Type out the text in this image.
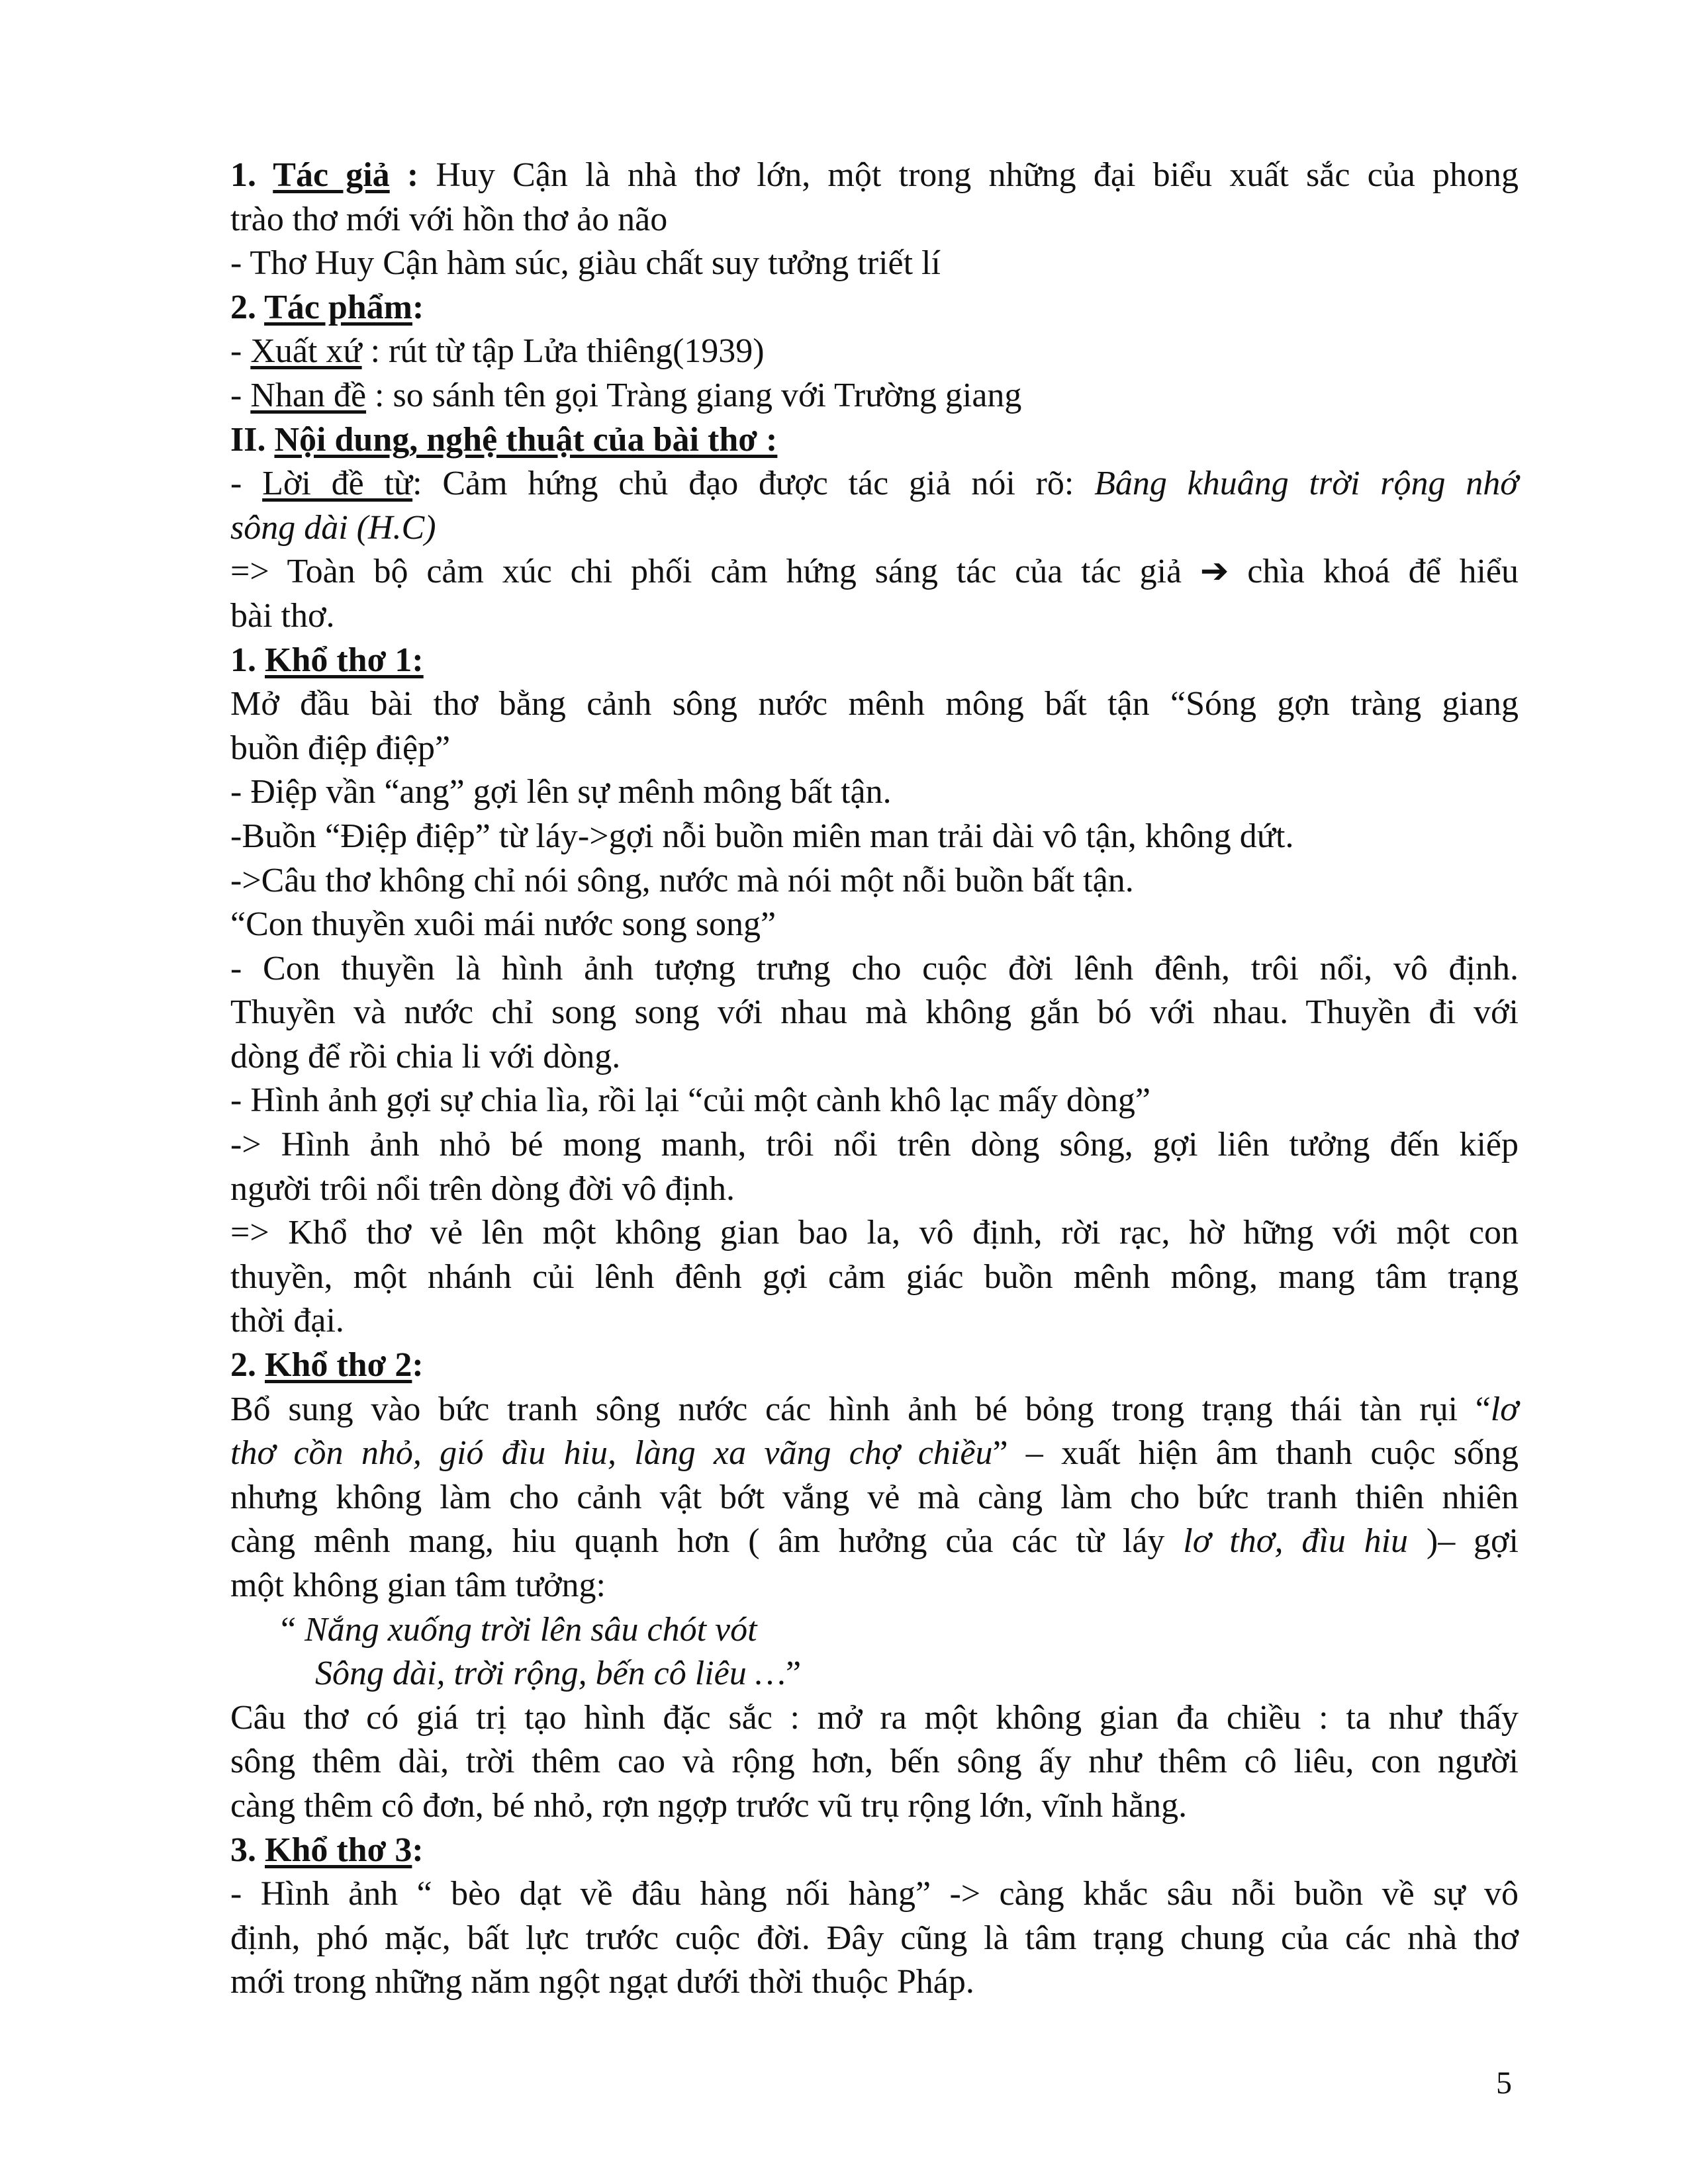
1. Tác giả : Huy Cận là nhà thơ lớn, một trong những đại biểu xuất sắc của phong
trào thơ mới với hồn thơ ảo não
- Thơ Huy Cận hàm súc, giàu chất suy tưởng triết lí
2. Tác phẩm:
- Xuất xứ : rút từ tập Lửa thiêng(1939)
- Nhan đề : so sánh tên gọi Tràng giang với Trường giang
II. Nội dung, nghệ thuật của bài thơ :
- Lời đề từ: Cảm hứng chủ đạo được tác giả nói rõ: Bâng khuâng trời rộng nhớ
sông dài (H.C)
=> Toàn bộ cảm xúc chi phối cảm hứng sáng tác của tác giả ➔ chìa khoá để hiểu
bài thơ.
1. Khổ thơ 1:
Mở đầu bài thơ bằng cảnh sông nước mênh mông bất tận “Sóng gợn tràng giang
buồn điệp điệp”
- Điệp vần “ang” gợi lên sự mênh mông bất tận.
-Buồn “Điệp điệp” từ láy->gợi nỗi buồn miên man trải dài vô tận, không dứt.
->Câu thơ không chỉ nói sông, nước mà nói một nỗi buồn bất tận.
“Con thuyền xuôi mái nước song song”
- Con thuyền là hình ảnh tượng trưng cho cuộc đời lênh đênh, trôi nổi, vô định.
Thuyền và nước chỉ song song với nhau mà không gắn bó với nhau. Thuyền đi với
dòng để rồi chia li với dòng.
- Hình ảnh gợi sự chia lìa, rồi lại “củi một cành khô lạc mấy dòng”
-> Hình ảnh nhỏ bé mong manh, trôi nổi trên dòng sông, gợi liên tưởng đến kiếp
người trôi nổi trên dòng đời vô định.
=> Khổ thơ vẻ lên một không gian bao la, vô định, rời rạc, hờ hững với một con
thuyền, một nhánh củi lênh đênh gợi cảm giác buồn mênh mông, mang tâm trạng
thời đại.
2. Khổ thơ 2:
Bổ sung vào bức tranh sông nước các hình ảnh bé bỏng trong trạng thái tàn rụi “lơ
thơ cồn nhỏ, gió đìu hiu, làng xa vãng chợ chiều” – xuất hiện âm thanh cuộc sống
nhưng không làm cho cảnh vật bớt vắng vẻ mà càng làm cho bức tranh thiên nhiên
càng mênh mang, hiu quạnh hơn ( âm hưởng của các từ láy lơ thơ, đìu hiu )– gợi
một không gian tâm tưởng:
“ Nắng xuống trời lên sâu chót vót
Sông dài, trời rộng, bến cô liêu …”
Câu thơ có giá trị tạo hình đặc sắc : mở ra một không gian đa chiều : ta như thấy
sông thêm dài, trời thêm cao và rộng hơn, bến sông ấy như thêm cô liêu, con người
càng thêm cô đơn, bé nhỏ, rợn ngợp trước vũ trụ rộng lớn, vĩnh hằng.
3. Khổ thơ 3:
- Hình ảnh “ bèo dạt về đâu hàng nối hàng” -> càng khắc sâu nỗi buồn về sự vô
định, phó mặc, bất lực trước cuộc đời. Đây cũng là tâm trạng chung của các nhà thơ
mới trong những năm ngột ngạt dưới thời thuộc Pháp.
5
